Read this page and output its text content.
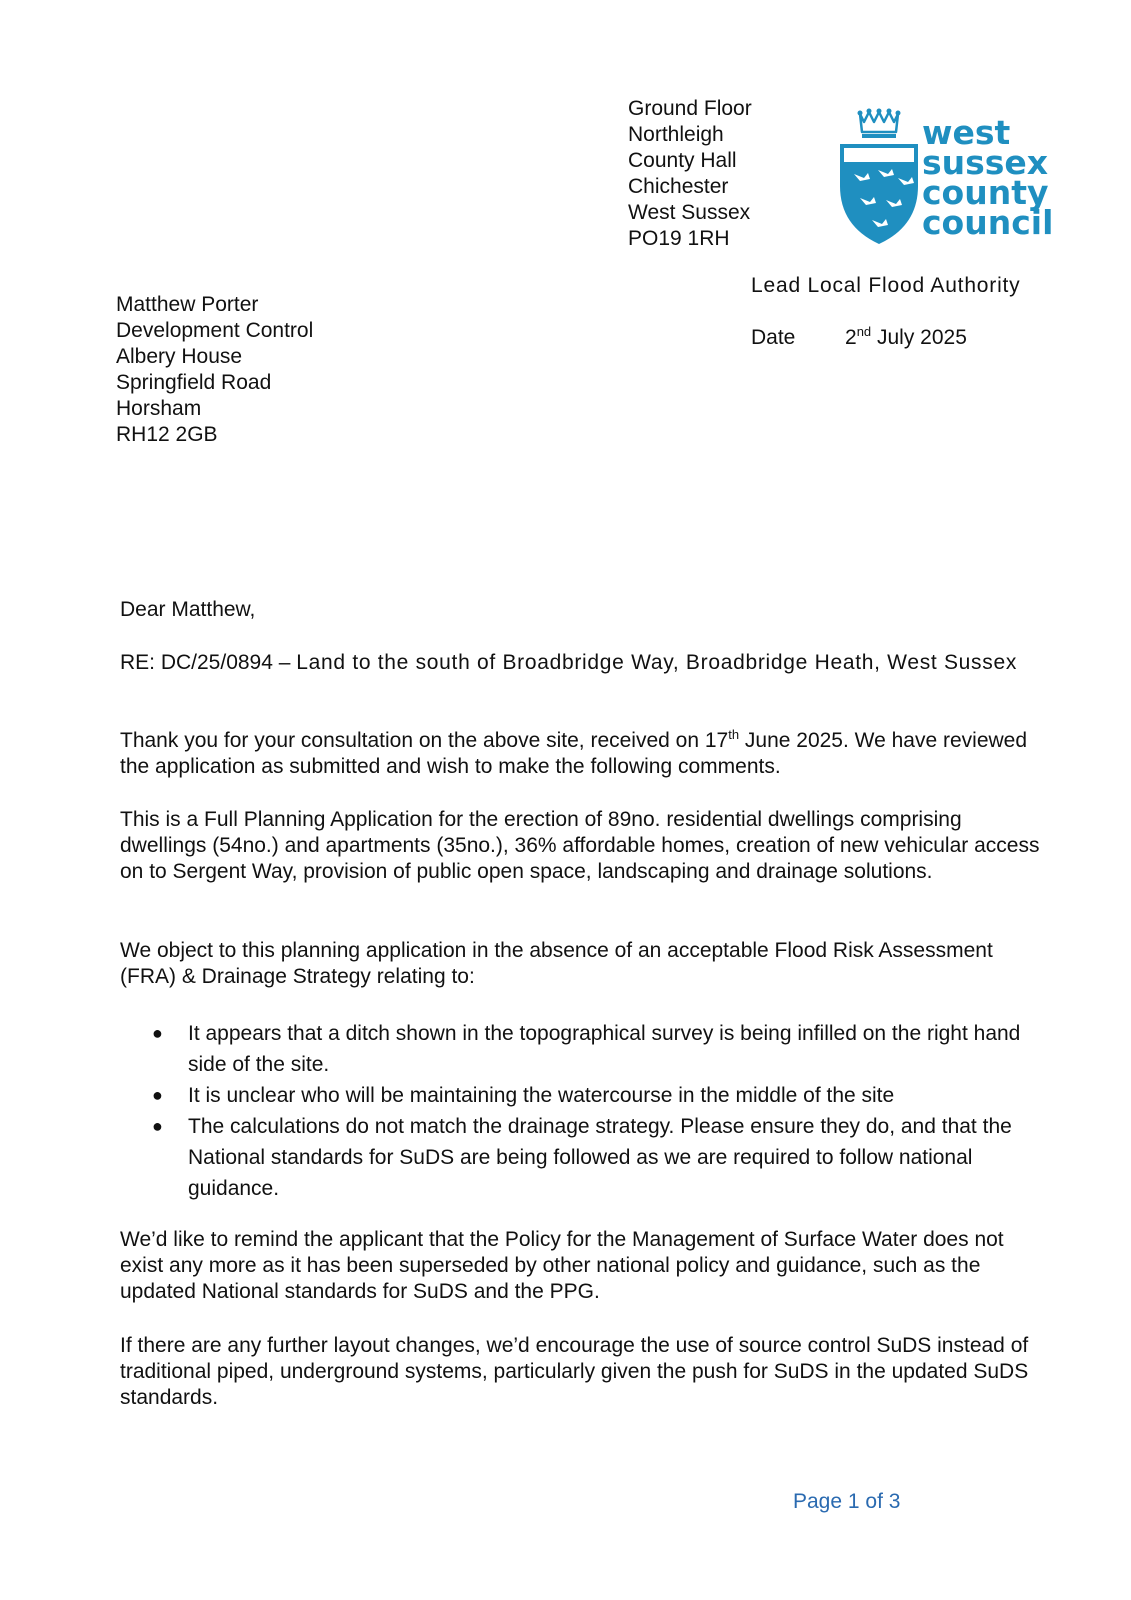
Ground Floor
Northleigh
County Hall
Chichester
West Sussex
PO19 1RH
west
sussex
county
council
Lead Local Flood Authority
Date 2nd July 2025
Matthew Porter
Development Control
Albery House
Springfield Road
Horsham
RH12 2GB
Dear Matthew,
RE: DC/25/0894 – Land to the south of Broadbridge Way, Broadbridge Heath, West Sussex
Thank you for your consultation on the above site, received on 17th June 2025. We have reviewed the application as submitted and wish to make the following comments.
This is a Full Planning Application for the erection of 89no. residential dwellings comprising dwellings (54no.) and apartments (35no.), 36% affordable homes, creation of new vehicular access on to Sergent Way, provision of public open space, landscaping and drainage solutions.
We object to this planning application in the absence of an acceptable Flood Risk Assessment (FRA) & Drainage Strategy relating to:
● It appears that a ditch shown in the topographical survey is being infilled on the right hand side of the site.
● It is unclear who will be maintaining the watercourse in the middle of the site
● The calculations do not match the drainage strategy. Please ensure they do, and that the National standards for SuDS are being followed as we are required to follow national guidance.
We’d like to remind the applicant that the Policy for the Management of Surface Water does not exist any more as it has been superseded by other national policy and guidance, such as the updated National standards for SuDS and the PPG.
If there are any further layout changes, we’d encourage the use of source control SuDS instead of traditional piped, underground systems, particularly given the push for SuDS in the updated SuDS standards.
Page 1 of 3
